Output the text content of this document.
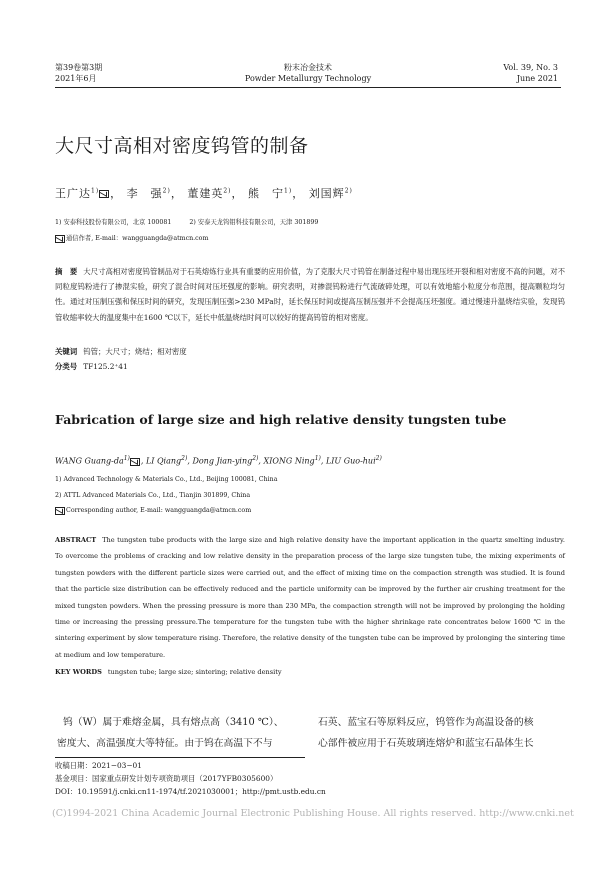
第39卷第3期
2021年6月
粉末冶金技术
Powder Metallurgy Technology
Vol. 39, No. 3
June 2021
大尺寸高相对密度钨管的制备
王广达$^{1)}$ ， 李　强$^{2)}$， 董建英$^{2)}$， 熊　宁$^{1)}$， 刘国辉$^{2)}$
1) 安泰科技股份有限公司，北京 100081	2) 安泰天龙钨钼科技有限公司，天津 301899
通信作者, E-mail：wangguangda@atmcn.com
摘　要 大尺寸高相对密度钨管制品对于石英熔炼行业具有重要的应用价值，为了克服大尺寸钨管在制备过程中易出现压坯开裂和相对密度不高的问题，对不同粒度钨粉进行了掺混实验，研究了混合时间对压坯强度的影响。研究表明，对掺混钨粉进行气流破碎处理，可以有效地缩小粒度分布范围，提高颗粒均匀性。通过对压制压强和保压时间的研究，发现压制压强>230 MPa时，延长保压时间或提高压制压强并不会提高压坯强度。通过慢速升温烧结实验，发现钨管收缩率较大的温度集中在1600 ℃以下，延长中低温烧结时间可以较好的提高钨管的相对密度。
关键词 钨管；大尺寸；烧结；相对密度
分类号 TF125.2⁺41
Fabrication of large size and high relative density tungsten tube
WANG Guang-$da^{1)}$ , LI Qiang$^{2)}$, Dong Jian-ying$^{2)}$, XIONG Ning$^{1)}$, LIU Guo-hui$^{2)}$
1) Advanced Technology & Materials Co., Ltd., Beijing 100081, China
2) ATTL Advanced Materials Co., Ltd., Tianjin 301899, China
Corresponding author, E-mail: wangguangda@atmcn.com
ABSTRACT The tungsten tube products with the large size and high relative density have the important application in the quartz smelting industry. To overcome the problems of cracking and low relative density in the preparation process of the large size tungsten tube, the mixing experiments of tungsten powders with the different particle sizes were carried out, and the effect of mixing time on the compaction strength was studied. It is found that the particle size distribution can be effectively reduced and the particle uniformity can be improved by the further air crushing treatment for the mixed tungsten powders. When the pressing pressure is more than 230 MPa, the compaction strength will not be improved by prolonging the holding time or increasing the pressing pressure.The temperature for the tungsten tube with the higher shrinkage rate concentrates below 1600 ℃ in the sintering experiment by slow temperature rising. Therefore, the relative density of the tungsten tube can be improved by prolonging the sintering time at medium and low temperature.
KEY WORDS tungsten tube; large size; sintering; relative density
钨（W）属于难熔金属，具有熔点高（3410 ℃）、
密度大、高温强度大等特征。由于钨在高温下不与
石英、蓝宝石等原料反应，钨管作为高温设备的核
心部件被应用于石英玻璃连熔炉和蓝宝石晶体生长
收稿日期：2021−03−01
基金项目：国家重点研发计划专项资助项目（2017YFB0305600）
DOI：10.19591/j.cnki.cn11-1974/tf.2021030001；http://pmt.ustb.edu.cn
(C)1994-2021 China Academic Journal Electronic Publishing House. All rights reserved. http://www.cnki.net
